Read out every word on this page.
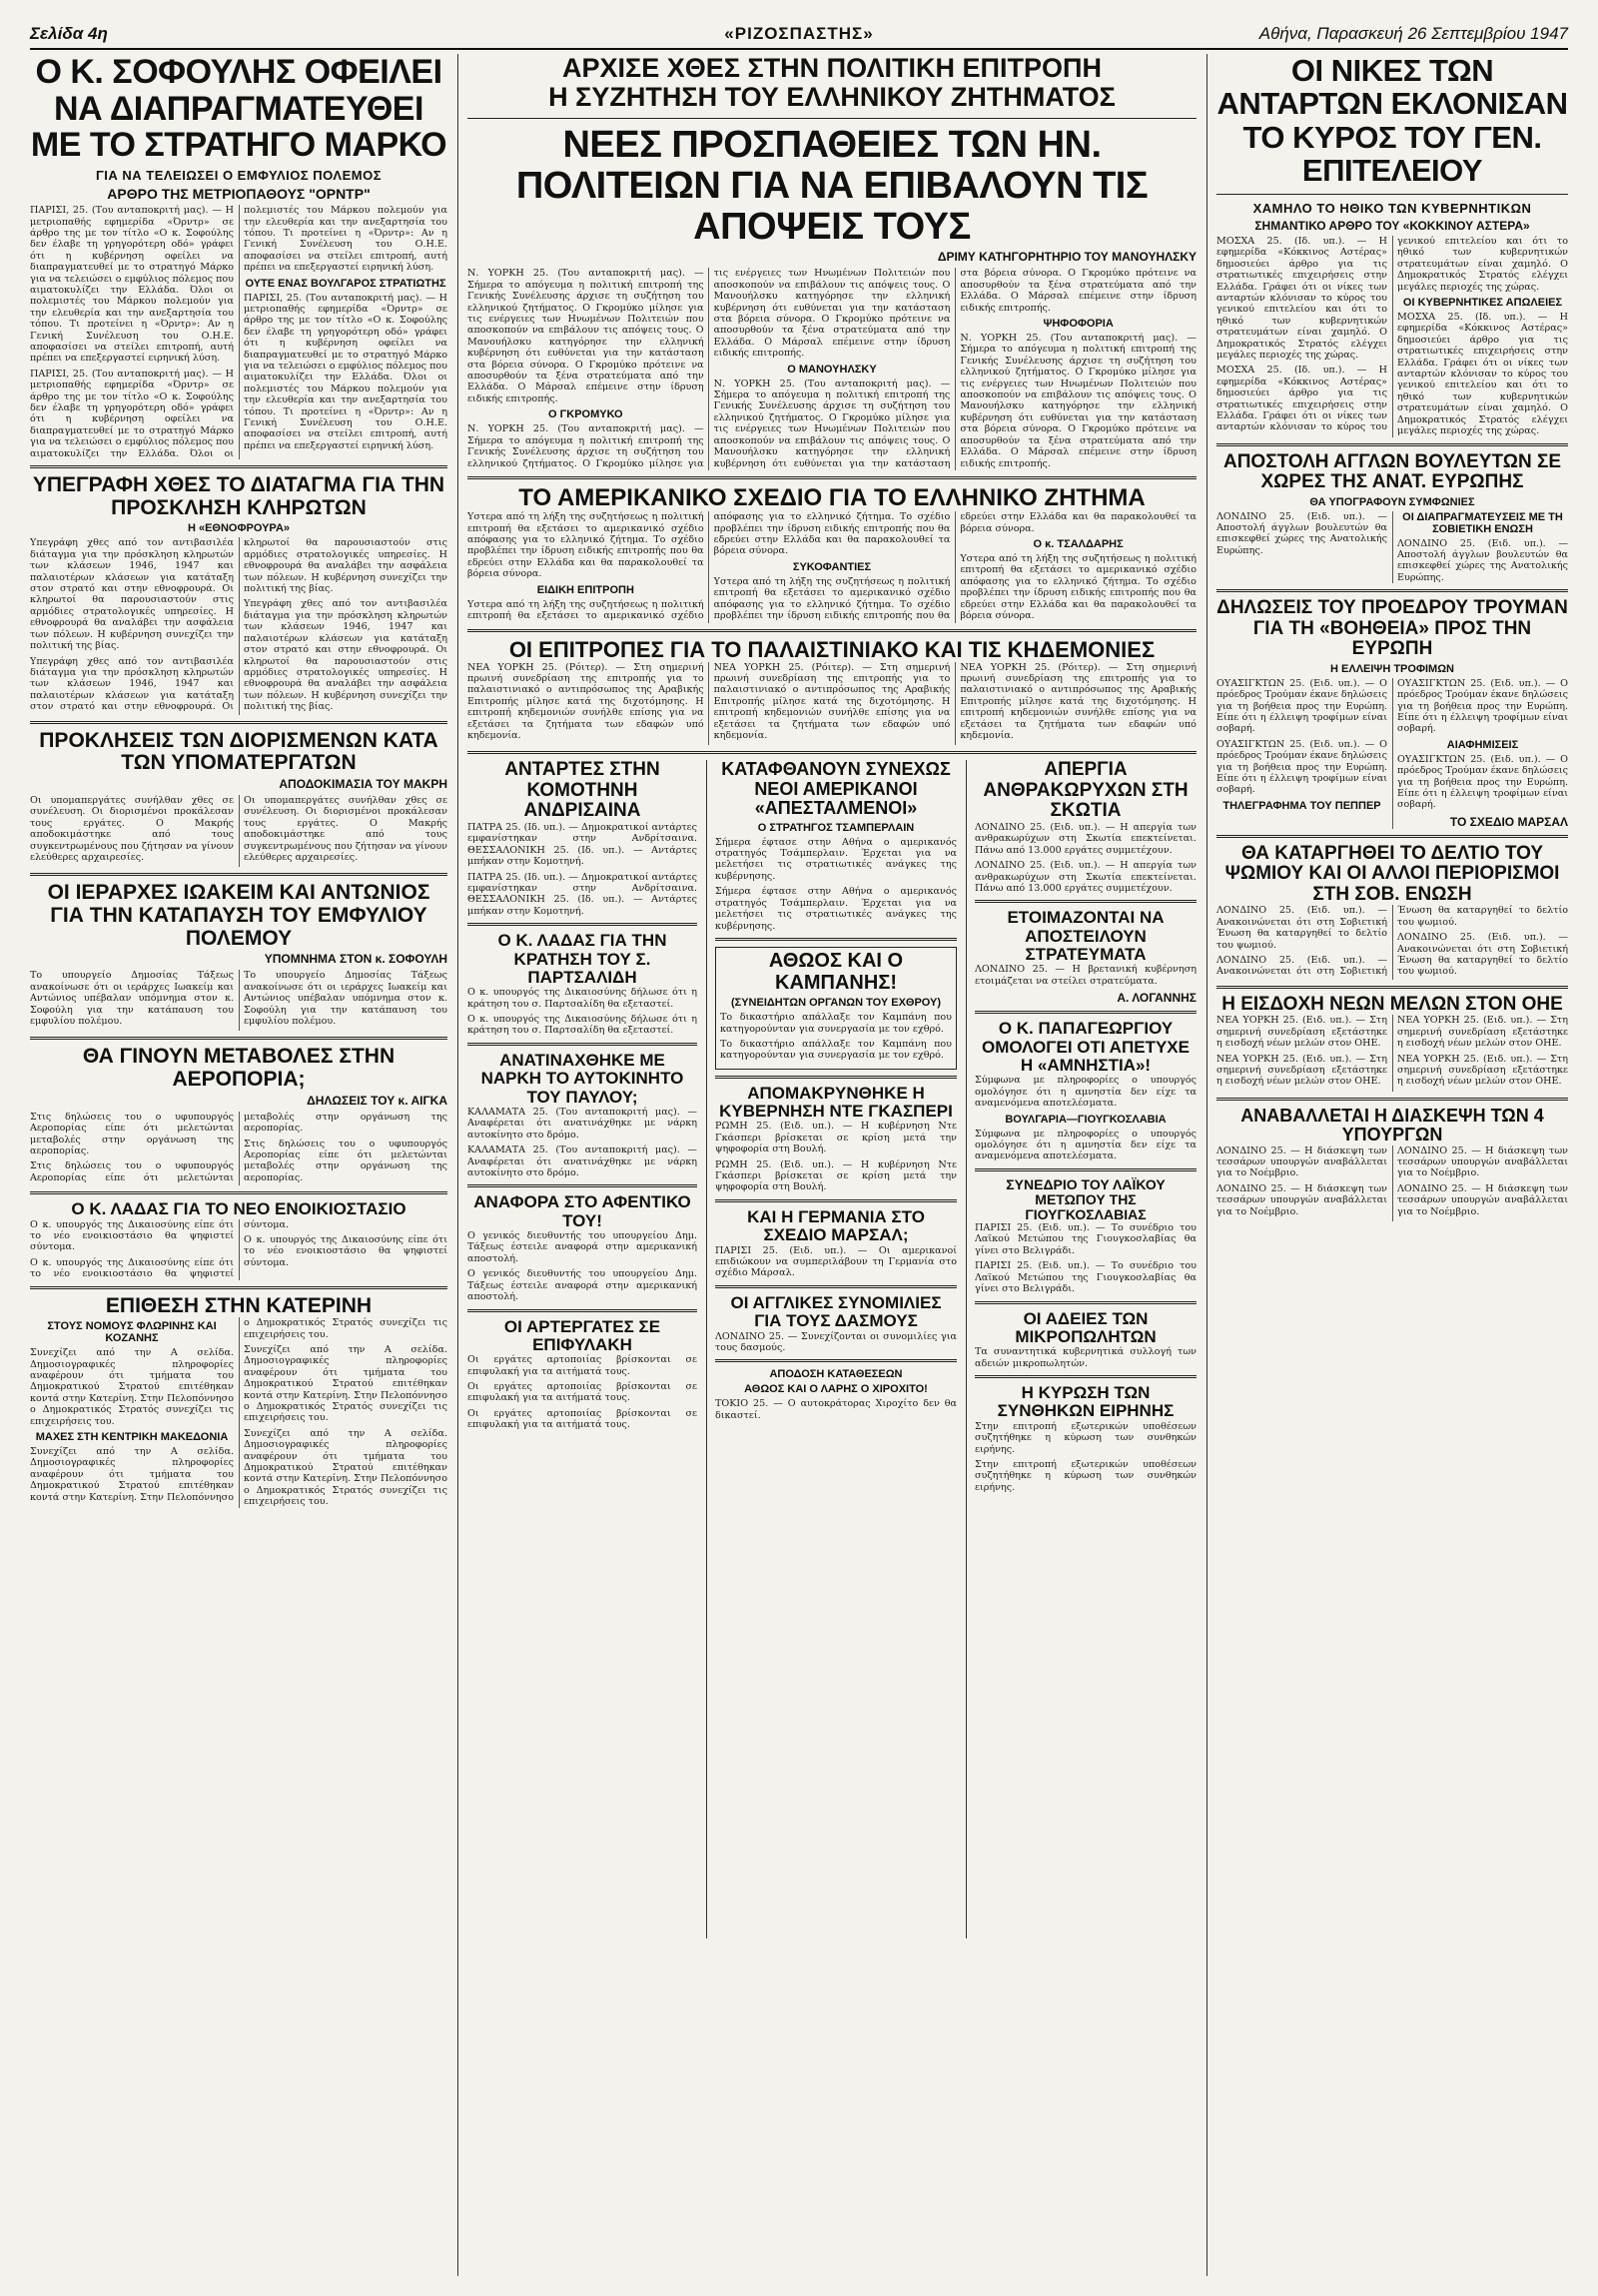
Σελίδα 4η	«ΡΙΖΟΣΠΑΣΤΗΣ»	Αθήνα, Παρασκευή 26 Σεπτεμβρίου 1947
Ο Κ. ΣΟΦΟΥΛΗΣ ΟΦΕΙΛΕΙ ΝΑ ΔΙΑΠΡΑΓΜΑΤΕΥΘΕΙ ΜΕ ΤΟ ΣΤΡΑΤΗΓΟ ΜΑΡΚΟ
ΓΙΑ ΝΑ ΤΕΛΕΙΩΣΕΙ Ο ΕΜΦΥΛΙΟΣ ΠΟΛΕΜΟΣ
ΑΡΘΡΟ ΤΗΣ ΜΕΤΡΙΟΠΑΘΟΥΣ "ΟΡΝΤΡ"

ΠΑΡΙΣΙ, 25. (Του ανταποκριτή μας). — Η μετριοπαθής εφημερίδα «Όρντρ» σε άρθρο της με τον τίτλο «Ο κ. Σοφούλης δεν έλαβε τη γρηγορότερη οδό» γράφει ότι η κυβέρνηση οφείλει να διαπραγματευθεί με το στρατηγό Μάρκο για να τελειώσει ο εμφύλιος πόλεμος που αιματοκυλίζει την Ελλάδα. Όλοι οι πολεμιστές του Μάρκου πολεμούν για την ελευθερία και την ανεξαρτησία του τόπου. Τι προτείνει η «Όρντρ»: Αν η Γενική Συνέλευση του Ο.Η.Ε. αποφασίσει να στείλει επιτροπή, αυτή πρέπει να επεξεργαστεί ειρηνική λύση.

ΠΑΡΙΣΙ, 25. (Του ανταποκριτή μας). — Η μετριοπαθής εφημερίδα «Όρντρ» σε άρθρο της με τον τίτλο «Ο κ. Σοφούλης δεν έλαβε τη γρηγορότερη οδό» γράφει ότι η κυβέρνηση οφείλει να διαπραγματευθεί με το στρατηγό Μάρκο για να τελειώσει ο εμφύλιος πόλεμος που αιματοκυλίζει την Ελλάδα. Όλοι οι πολεμιστές του Μάρκου πολεμούν για την ελευθερία και την ανεξαρτησία του τόπου. Τι προτείνει η «Όρντρ»: Αν η Γενική Συνέλευση του Ο.Η.Ε. αποφασίσει να στείλει επιτροπή, αυτή πρέπει να επεξεργαστεί ειρηνική λύση.

ΟΥΤΕ ΕΝΑΣ ΒΟΥΛΓΑΡΟΣ ΣΤΡΑΤΙΩΤΗΣ

ΠΑΡΙΣΙ, 25. (Του ανταποκριτή μας). — Η μετριοπαθής εφημερίδα «Όρντρ» σε άρθρο της με τον τίτλο «Ο κ. Σοφούλης δεν έλαβε τη γρηγορότερη οδό» γράφει ότι η κυβέρνηση οφείλει να διαπραγματευθεί με το στρατηγό Μάρκο για να τελειώσει ο εμφύλιος πόλεμος που αιματοκυλίζει την Ελλάδα. Όλοι οι πολεμιστές του Μάρκου πολεμούν για την ελευθερία και την ανεξαρτησία του τόπου. Τι προτείνει η «Όρντρ»: Αν η Γενική Συνέλευση του Ο.Η.Ε. αποφασίσει να στείλει επιτροπή, αυτή πρέπει να επεξεργαστεί ειρηνική λύση.

ΥΠΕΓΡΑΦΗ ΧΘΕΣ ΤΟ ΔΙΑΤΑΓΜΑ ΓΙΑ ΤΗΝ ΠΡΟΣΚΛΗΣΗ ΚΛΗΡΩΤΩΝ
Η «ΕΘΝΟΦΡΟΥΡΑ»

Υπεγράφη χθες από τον αντιβασιλέα διάταγμα για την πρόσκληση κληρωτών των κλάσεων 1946, 1947 και παλαιοτέρων κλάσεων για κατάταξη στον στρατό και στην εθνοφρουρά. Οι κληρωτοί θα παρουσιαστούν στις αρμόδιες στρατολογικές υπηρεσίες. Η εθνοφρουρά θα αναλάβει την ασφάλεια των πόλεων. Η κυβέρνηση συνεχίζει την πολιτική της βίας.

Υπεγράφη χθες από τον αντιβασιλέα διάταγμα για την πρόσκληση κληρωτών των κλάσεων 1946, 1947 και παλαιοτέρων κλάσεων για κατάταξη στον στρατό και στην εθνοφρουρά. Οι κληρωτοί θα παρουσιαστούν στις αρμόδιες στρατολογικές υπηρεσίες. Η εθνοφρουρά θα αναλάβει την ασφάλεια των πόλεων. Η κυβέρνηση συνεχίζει την πολιτική της βίας.

Υπεγράφη χθες από τον αντιβασιλέα διάταγμα για την πρόσκληση κληρωτών των κλάσεων 1946, 1947 και παλαιοτέρων κλάσεων για κατάταξη στον στρατό και στην εθνοφρουρά. Οι κληρωτοί θα παρουσιαστούν στις αρμόδιες στρατολογικές υπηρεσίες. Η εθνοφρουρά θα αναλάβει την ασφάλεια των πόλεων. Η κυβέρνηση συνεχίζει την πολιτική της βίας.

ΠΡΟΚΛΗΣΕΙΣ ΤΩΝ ΔΙΟΡΙΣΜΕΝΩΝ ΚΑΤΑ ΤΩΝ ΥΠΟΜΑΤΕΡΓΑΤΩΝ
ΑΠΟΔΟΚΙΜΑΣΙΑ ΤΟΥ ΜΑΚΡΗ

Οι υπομαπεργάτες συνήλθαν χθες σε συνέλευση. Οι διορισμένοι προκάλεσαν τους εργάτες. Ο Μακρής αποδοκιμάστηκε από τους συγκεντρωμένους που ζήτησαν να γίνουν ελεύθερες αρχαιρεσίες.

Οι υπομαπεργάτες συνήλθαν χθες σε συνέλευση. Οι διορισμένοι προκάλεσαν τους εργάτες. Ο Μακρής αποδοκιμάστηκε από τους συγκεντρωμένους που ζήτησαν να γίνουν ελεύθερες αρχαιρεσίες.

ΟΙ ΙΕΡΑΡΧΕΣ ΙΩΑΚΕΙΜ ΚΑΙ ΑΝΤΩΝΙΟΣ ΓΙΑ ΤΗΝ ΚΑΤΑΠΑΥΣΗ ΤΟΥ ΕΜΦΥΛΙΟΥ ΠΟΛΕΜΟΥ
ΥΠΟΜΝΗΜΑ ΣΤΟΝ κ. ΣΟΦΟΥΛΗ

Το υπουργείο Δημοσίας Τάξεως ανακοίνωσε ότι οι ιεράρχες Ιωακείμ και Αντώνιος υπέβαλαν υπόμνημα στον κ. Σοφούλη για την κατάπαυση του εμφυλίου πολέμου.

Το υπουργείο Δημοσίας Τάξεως ανακοίνωσε ότι οι ιεράρχες Ιωακείμ και Αντώνιος υπέβαλαν υπόμνημα στον κ. Σοφούλη για την κατάπαυση του εμφυλίου πολέμου.

ΘΑ ΓΙΝΟΥΝ ΜΕΤΑΒΟΛΕΣ ΣΤΗΝ ΑΕΡΟΠΟΡΙΑ;
ΔΗΛΩΣΕΙΣ ΤΟΥ κ. ΑΙΓΚΑ

Στις δηλώσεις του ο υφυπουργός Αεροπορίας είπε ότι μελετώνται μεταβολές στην οργάνωση της αεροπορίας.

Στις δηλώσεις του ο υφυπουργός Αεροπορίας είπε ότι μελετώνται μεταβολές στην οργάνωση της αεροπορίας.

Στις δηλώσεις του ο υφυπουργός Αεροπορίας είπε ότι μελετώνται μεταβολές στην οργάνωση της αεροπορίας.

Ο Κ. ΛΑΔΑΣ ΓΙΑ ΤΟ ΝΕΟ ΕΝΟΙΚΙΟΣΤΑΣΙΟ

Ο κ. υπουργός της Δικαιοσύνης είπε ότι το νέο ενοικιοστάσιο θα ψηφιστεί σύντομα.

Ο κ. υπουργός της Δικαιοσύνης είπε ότι το νέο ενοικιοστάσιο θα ψηφιστεί σύντομα.

Ο κ. υπουργός της Δικαιοσύνης είπε ότι το νέο ενοικιοστάσιο θα ψηφιστεί σύντομα.

ΕΠΙΘΕΣΗ ΣΤΗΝ ΚΑΤΕΡΙΝΗ
ΣΤΟΥΣ ΝΟΜΟΥΣ ΦΛΩΡΙΝΗΣ ΚΑΙ ΚΟΖΑΝΗΣ

Συνεχίζει από την Α σελίδα. Δημοσιογραφικές πληροφορίες αναφέρουν ότι τμήματα του Δημοκρατικού Στρατού επιτέθηκαν κοντά στην Κατερίνη. Στην Πελοπόννησο ο Δημοκρατικός Στρατός συνεχίζει τις επιχειρήσεις του.

ΜΑΧΕΣ ΣΤΗ ΚΕΝΤΡΙΚΗ ΜΑΚΕΔΟΝΙΑ

Συνεχίζει από την Α σελίδα. Δημοσιογραφικές πληροφορίες αναφέρουν ότι τμήματα του Δημοκρατικού Στρατού επιτέθηκαν κοντά στην Κατερίνη. Στην Πελοπόννησο ο Δημοκρατικός Στρατός συνεχίζει τις επιχειρήσεις του.

Συνεχίζει από την Α σελίδα. Δημοσιογραφικές πληροφορίες αναφέρουν ότι τμήματα του Δημοκρατικού Στρατού επιτέθηκαν κοντά στην Κατερίνη. Στην Πελοπόννησο ο Δημοκρατικός Στρατός συνεχίζει τις επιχειρήσεις του.

Συνεχίζει από την Α σελίδα. Δημοσιογραφικές πληροφορίες αναφέρουν ότι τμήματα του Δημοκρατικού Στρατού επιτέθηκαν κοντά στην Κατερίνη. Στην Πελοπόννησο ο Δημοκρατικός Στρατός συνεχίζει τις επιχειρήσεις του.

ΑΡΧΙΣΕ ΧΘΕΣ ΣΤΗΝ ΠΟΛΙΤΙΚΗ ΕΠΙΤΡΟΠΗ
Η ΣΥΖΗΤΗΣΗ ΤΟΥ ΕΛΛΗΝΙΚΟΥ ΖΗΤΗΜΑΤΟΣ
ΝΕΕΣ ΠΡΟΣΠΑΘΕΙΕΣ ΤΩΝ ΗΝ. ΠΟΛΙΤΕΙΩΝ ΓΙΑ ΝΑ ΕΠΙΒΑΛΟΥΝ ΤΙΣ ΑΠΟΨΕΙΣ ΤΟΥΣ
ΔΡΙΜΥ ΚΑΤΗΓΟΡΗΤΗΡΙΟ ΤΟΥ ΜΑΝΟΥΗΛΣΚΥ

Ν. ΥΟΡΚΗ 25. (Του ανταποκριτή μας). — Σήμερα το απόγευμα η πολιτική επιτροπή της Γενικής Συνέλευσης άρχισε τη συζήτηση του ελληνικού ζητήματος. Ο Γκρομύκο μίλησε για τις ενέργειες των Ηνωμένων Πολιτειών που αποσκοπούν να επιβάλουν τις απόψεις τους. Ο Μανουήλσκυ κατηγόρησε την ελληνική κυβέρνηση ότι ευθύνεται για την κατάσταση στα βόρεια σύνορα. Ο Γκρομύκο πρότεινε να αποσυρθούν τα ξένα στρατεύματα από την Ελλάδα. Ο Μάρσαλ επέμεινε στην ίδρυση ειδικής επιτροπής.

Ο ΓΚΡΟΜΥΚΟ

Ν. ΥΟΡΚΗ 25. (Του ανταποκριτή μας). — Σήμερα το απόγευμα η πολιτική επιτροπή της Γενικής Συνέλευσης άρχισε τη συζήτηση του ελληνικού ζητήματος. Ο Γκρομύκο μίλησε για τις ενέργειες των Ηνωμένων Πολιτειών που αποσκοπούν να επιβάλουν τις απόψεις τους. Ο Μανουήλσκυ κατηγόρησε την ελληνική κυβέρνηση ότι ευθύνεται για την κατάσταση στα βόρεια σύνορα. Ο Γκρομύκο πρότεινε να αποσυρθούν τα ξένα στρατεύματα από την Ελλάδα. Ο Μάρσαλ επέμεινε στην ίδρυση ειδικής επιτροπής.

Ο ΜΑΝΟΥΗΛΣΚΥ

Ν. ΥΟΡΚΗ 25. (Του ανταποκριτή μας). — Σήμερα το απόγευμα η πολιτική επιτροπή της Γενικής Συνέλευσης άρχισε τη συζήτηση του ελληνικού ζητήματος. Ο Γκρομύκο μίλησε για τις ενέργειες των Ηνωμένων Πολιτειών που αποσκοπούν να επιβάλουν τις απόψεις τους. Ο Μανουήλσκυ κατηγόρησε την ελληνική κυβέρνηση ότι ευθύνεται για την κατάσταση στα βόρεια σύνορα. Ο Γκρομύκο πρότεινε να αποσυρθούν τα ξένα στρατεύματα από την Ελλάδα. Ο Μάρσαλ επέμεινε στην ίδρυση ειδικής επιτροπής.

ΨΗΦΟΦΟΡΙΑ

Ν. ΥΟΡΚΗ 25. (Του ανταποκριτή μας). — Σήμερα το απόγευμα η πολιτική επιτροπή της Γενικής Συνέλευσης άρχισε τη συζήτηση του ελληνικού ζητήματος. Ο Γκρομύκο μίλησε για τις ενέργειες των Ηνωμένων Πολιτειών που αποσκοπούν να επιβάλουν τις απόψεις τους. Ο Μανουήλσκυ κατηγόρησε την ελληνική κυβέρνηση ότι ευθύνεται για την κατάσταση στα βόρεια σύνορα. Ο Γκρομύκο πρότεινε να αποσυρθούν τα ξένα στρατεύματα από την Ελλάδα. Ο Μάρσαλ επέμεινε στην ίδρυση ειδικής επιτροπής.

ΤΟ ΑΜΕΡΙΚΑΝΙΚΟ ΣΧΕΔΙΟ ΓΙΑ ΤΟ ΕΛΛΗΝΙΚΟ ΖΗΤΗΜΑ

Υστερα από τη λήξη της συζητήσεως η πολιτική επιτροπή θα εξετάσει το αμερικανικό σχέδιο απόφασης για το ελληνικό ζήτημα. Το σχέδιο προβλέπει την ίδρυση ειδικής επιτροπής που θα εδρεύει στην Ελλάδα και θα παρακολουθεί τα βόρεια σύνορα.

ΕΙΔΙΚΗ ΕΠΙΤΡΟΠΗ

Υστερα από τη λήξη της συζητήσεως η πολιτική επιτροπή θα εξετάσει το αμερικανικό σχέδιο απόφασης για το ελληνικό ζήτημα. Το σχέδιο προβλέπει την ίδρυση ειδικής επιτροπής που θα εδρεύει στην Ελλάδα και θα παρακολουθεί τα βόρεια σύνορα.

ΣΥΚΟΦΑΝΤΙΕΣ

Υστερα από τη λήξη της συζητήσεως η πολιτική επιτροπή θα εξετάσει το αμερικανικό σχέδιο απόφασης για το ελληνικό ζήτημα. Το σχέδιο προβλέπει την ίδρυση ειδικής επιτροπής που θα εδρεύει στην Ελλάδα και θα παρακολουθεί τα βόρεια σύνορα.

Ο κ. ΤΣΑΛΔΑΡΗΣ

Υστερα από τη λήξη της συζητήσεως η πολιτική επιτροπή θα εξετάσει το αμερικανικό σχέδιο απόφασης για το ελληνικό ζήτημα. Το σχέδιο προβλέπει την ίδρυση ειδικής επιτροπής που θα εδρεύει στην Ελλάδα και θα παρακολουθεί τα βόρεια σύνορα.

ΟΙ ΕΠΙΤΡΟΠΕΣ ΓΙΑ ΤΟ ΠΑΛΑΙΣΤΙΝΙΑΚΟ ΚΑΙ ΤΙΣ ΚΗΔΕΜΟΝΙΕΣ

ΝΕΑ ΥΟΡΚΗ 25. (Ρόιτερ). — Στη σημερινή πρωινή συνεδρίαση της επιτροπής για το παλαιστινιακό ο αντιπρόσωπος της Αραβικής Επιτροπής μίλησε κατά της διχοτόμησης. Η επιτροπή κηδεμονιών συνήλθε επίσης για να εξετάσει τα ζητήματα των εδαφών υπό κηδεμονία.

ΝΕΑ ΥΟΡΚΗ 25. (Ρόιτερ). — Στη σημερινή πρωινή συνεδρίαση της επιτροπής για το παλαιστινιακό ο αντιπρόσωπος της Αραβικής Επιτροπής μίλησε κατά της διχοτόμησης. Η επιτροπή κηδεμονιών συνήλθε επίσης για να εξετάσει τα ζητήματα των εδαφών υπό κηδεμονία.

ΝΕΑ ΥΟΡΚΗ 25. (Ρόιτερ). — Στη σημερινή πρωινή συνεδρίαση της επιτροπής για το παλαιστινιακό ο αντιπρόσωπος της Αραβικής Επιτροπής μίλησε κατά της διχοτόμησης. Η επιτροπή κηδεμονιών συνήλθε επίσης για να εξετάσει τα ζητήματα των εδαφών υπό κηδεμονία.

ΑΝΤΑΡΤΕΣ ΣΤΗΝ ΚΟΜΟΤΗΝΗ ΑΝΔΡΙΣΑΙΝΑ

ΠΑΤΡΑ 25. (Ιδ. υπ.). — Δημοκρατικοί αντάρτες εμφανίστηκαν στην Ανδρίτσαινα. ΘΕΣΣΑΛΟΝΙΚΗ 25. (Ιδ. υπ.). — Αντάρτες μπήκαν στην Κομοτηνή.

ΠΑΤΡΑ 25. (Ιδ. υπ.). — Δημοκρατικοί αντάρτες εμφανίστηκαν στην Ανδρίτσαινα. ΘΕΣΣΑΛΟΝΙΚΗ 25. (Ιδ. υπ.). — Αντάρτες μπήκαν στην Κομοτηνή.

Ο Κ. ΛΑΔΑΣ ΓΙΑ ΤΗΝ ΚΡΑΤΗΣΗ ΤΟΥ Σ. ΠΑΡΤΣΑΛΙΔΗ

Ο κ. υπουργός της Δικαιοσύνης δήλωσε ότι η κράτηση του σ. Παρτσαλίδη θα εξεταστεί.

Ο κ. υπουργός της Δικαιοσύνης δήλωσε ότι η κράτηση του σ. Παρτσαλίδη θα εξεταστεί.

ΑΝΑΤΙΝΑΧΘΗΚΕ ΜΕ ΝΑΡΚΗ ΤΟ ΑΥΤΟΚΙΝΗΤΟ ΤΟΥ ΠΑΥΛΟΥ;

ΚΑΛΑΜΑΤΑ 25. (Του ανταποκριτή μας). — Αναφέρεται ότι ανατινάχθηκε με νάρκη αυτοκίνητο στο δρόμο.

ΚΑΛΑΜΑΤΑ 25. (Του ανταποκριτή μας). — Αναφέρεται ότι ανατινάχθηκε με νάρκη αυτοκίνητο στο δρόμο.

ΑΝΑΦΟΡΑ ΣΤΟ ΑΦΕΝΤΙΚΟ ΤΟΥ!

Ο γενικός διευθυντής του υπουργείου Δημ. Τάξεως έστειλε αναφορά στην αμερικανική αποστολή.

Ο γενικός διευθυντής του υπουργείου Δημ. Τάξεως έστειλε αναφορά στην αμερικανική αποστολή.

ΟΙ ΑΡΤΕΡΓΑΤΕΣ ΣΕ ΕΠΙΦΥΛΑΚΗ

Οι εργάτες αρτοποιίας βρίσκονται σε επιφυλακή για τα αιτήματά τους.

Οι εργάτες αρτοποιίας βρίσκονται σε επιφυλακή για τα αιτήματά τους.

Οι εργάτες αρτοποιίας βρίσκονται σε επιφυλακή για τα αιτήματά τους.

ΚΑΤΑΦΘΑΝΟΥΝ ΣΥΝΕΧΩΣ ΝΕΟΙ ΑΜΕΡΙΚΑΝΟΙ «ΑΠΕΣΤΑΛΜΕΝΟΙ»
Ο ΣΤΡΑΤΗΓΟΣ ΤΣΑΜΠΕΡΛΑΙΝ

Σήμερα έφτασε στην Αθήνα ο αμερικανός στρατηγός Τσάμπερλαιν. Έρχεται για να μελετήσει τις στρατιωτικές ανάγκες της κυβέρνησης.

Σήμερα έφτασε στην Αθήνα ο αμερικανός στρατηγός Τσάμπερλαιν. Έρχεται για να μελετήσει τις στρατιωτικές ανάγκες της κυβέρνησης.

ΑΘΩΟΣ ΚΑΙ Ο ΚΑΜΠΑΝΗΣ!
(ΣΥΝΕΙΔΗΤΩΝ ΟΡΓΑΝΩΝ ΤΟΥ ΕΧΘΡΟΥ)

Το δικαστήριο απάλλαξε τον Καμπάνη που κατηγορούνταν για συνεργασία με τον εχθρό.

Το δικαστήριο απάλλαξε τον Καμπάνη που κατηγορούνταν για συνεργασία με τον εχθρό.

ΑΠΟΜΑΚΡΥΝΘΗΚΕ Η ΚΥΒΕΡΝΗΣΗ ΝΤΕ ΓΚΑΣΠΕΡΙ

ΡΩΜΗ 25. (Ειδ. υπ.). — Η κυβέρνηση Ντε Γκάσπερι βρίσκεται σε κρίση μετά την ψηφοφορία στη Βουλή.

ΡΩΜΗ 25. (Ειδ. υπ.). — Η κυβέρνηση Ντε Γκάσπερι βρίσκεται σε κρίση μετά την ψηφοφορία στη Βουλή.

ΚΑΙ Η ΓΕΡΜΑΝΙΑ ΣΤΟ ΣΧΕΔΙΟ ΜΑΡΣΑΛ;

ΠΑΡΙΣΙ 25. (Ειδ. υπ.). — Οι αμερικανοί επιδιώκουν να συμπεριλάβουν τη Γερμανία στο σχέδιο Μάρσαλ.

ΟΙ ΑΓΓΛΙΚΕΣ ΣΥΝΟΜΙΛΙΕΣ ΓΙΑ ΤΟΥΣ ΔΑΣΜΟΥΣ

ΛΟΝΔΙΝΟ 25. — Συνεχίζονται οι συνομιλίες για τους δασμούς.

ΑΠΟΔΟΣΗ ΚΑΤΑΘΕΣΕΩΝ
ΑΘΩΟΣ ΚΑΙ Ο ΛΑΡΗΣ Ο ΧΙΡΟΧΙΤΟ!

ΤΟΚΙΟ 25. — Ο αυτοκράτορας Χιροχίτο δεν θα δικαστεί.

ΑΠΕΡΓΙΑ ΑΝΘΡΑΚΩΡΥΧΩΝ ΣΤΗ ΣΚΩΤΙΑ

ΛΟΝΔΙΝΟ 25. (Ειδ. υπ.). — Η απεργία των ανθρακωρύχων στη Σκωτία επεκτείνεται. Πάνω από 13.000 εργάτες συμμετέχουν.

ΛΟΝΔΙΝΟ 25. (Ειδ. υπ.). — Η απεργία των ανθρακωρύχων στη Σκωτία επεκτείνεται. Πάνω από 13.000 εργάτες συμμετέχουν.

ΕΤΟΙΜΑΖΟΝΤΑΙ ΝΑ ΑΠΟΣΤΕΙΛΟΥΝ ΣΤΡΑΤΕΥΜΑΤΑ

ΛΟΝΔΙΝΟ 25. — Η βρετανική κυβέρνηση ετοιμάζεται να στείλει στρατεύματα.

Α. ΛΟΓΑΝΝΗΣ
Ο Κ. ΠΑΠΑΓΕΩΡΓΙΟΥ ΟΜΟΛΟΓΕΙ ΟΤΙ ΑΠΕΤΥΧΕ Η «ΑΜΝΗΣΤΙΑ»!

Σύμφωνα με πληροφορίες ο υπουργός ομολόγησε ότι η αμνηστία δεν είχε τα αναμενόμενα αποτελέσματα.

ΒΟΥΛΓΑΡΙΑ—ΓΙΟΥΓΚΟΣΛΑΒΙΑ

Σύμφωνα με πληροφορίες ο υπουργός ομολόγησε ότι η αμνηστία δεν είχε τα αναμενόμενα αποτελέσματα.

ΣΥΝΕΔΡΙΟ ΤΟΥ ΛΑΪΚΟΥ ΜΕΤΩΠΟΥ ΤΗΣ ΓΙΟΥΓΚΟΣΛΑΒΙΑΣ

ΠΑΡΙΣΙ 25. (Ειδ. υπ.). — Το συνέδριο του Λαϊκού Μετώπου της Γιουγκοσλαβίας θα γίνει στο Βελιγράδι.

ΠΑΡΙΣΙ 25. (Ειδ. υπ.). — Το συνέδριο του Λαϊκού Μετώπου της Γιουγκοσλαβίας θα γίνει στο Βελιγράδι.

ΟΙ ΑΔΕΙΕΣ ΤΩΝ ΜΙΚΡΟΠΩΛΗΤΩΝ

Τα συναντητικά κυβερνητικά συλλογή των αδειών μικροπωλητών.

Η ΚΥΡΩΣΗ ΤΩΝ ΣΥΝΘΗΚΩΝ ΕΙΡΗΝΗΣ

Στην επιτροπή εξωτερικών υποθέσεων συζητήθηκε η κύρωση των συνθηκών ειρήνης.

Στην επιτροπή εξωτερικών υποθέσεων συζητήθηκε η κύρωση των συνθηκών ειρήνης.

ΟΙ ΝΙΚΕΣ ΤΩΝ ΑΝΤΑΡΤΩΝ ΕΚΛΟΝΙΣΑΝ ΤΟ ΚΥΡΟΣ ΤΟΥ ΓΕΝ. ΕΠΙΤΕΛΕΙΟΥ
ΧΑΜΗΛΟ ΤΟ ΗΘΙΚΟ ΤΩΝ ΚΥΒΕΡΝΗΤΙΚΩΝ
ΣΗΜΑΝΤΙΚΟ ΑΡΘΡΟ ΤΟΥ «ΚΟΚΚΙΝΟΥ ΑΣΤΕΡΑ»

ΜΟΣΧΑ 25. (Ιδ. υπ.). — Η εφημερίδα «Κόκκινος Αστέρας» δημοσιεύει άρθρο για τις στρατιωτικές επιχειρήσεις στην Ελλάδα. Γράφει ότι οι νίκες των ανταρτών κλόνισαν το κύρος του γενικού επιτελείου και ότι το ηθικό των κυβερνητικών στρατευμάτων είναι χαμηλό. Ο Δημοκρατικός Στρατός ελέγχει μεγάλες περιοχές της χώρας.

ΜΟΣΧΑ 25. (Ιδ. υπ.). — Η εφημερίδα «Κόκκινος Αστέρας» δημοσιεύει άρθρο για τις στρατιωτικές επιχειρήσεις στην Ελλάδα. Γράφει ότι οι νίκες των ανταρτών κλόνισαν το κύρος του γενικού επιτελείου και ότι το ηθικό των κυβερνητικών στρατευμάτων είναι χαμηλό. Ο Δημοκρατικός Στρατός ελέγχει μεγάλες περιοχές της χώρας.

ΟΙ ΚΥΒΕΡΝΗΤΙΚΕΣ ΑΠΩΛΕΙΕΣ

ΜΟΣΧΑ 25. (Ιδ. υπ.). — Η εφημερίδα «Κόκκινος Αστέρας» δημοσιεύει άρθρο για τις στρατιωτικές επιχειρήσεις στην Ελλάδα. Γράφει ότι οι νίκες των ανταρτών κλόνισαν το κύρος του γενικού επιτελείου και ότι το ηθικό των κυβερνητικών στρατευμάτων είναι χαμηλό. Ο Δημοκρατικός Στρατός ελέγχει μεγάλες περιοχές της χώρας.

ΑΠΟΣΤΟΛΗ ΑΓΓΛΩΝ ΒΟΥΛΕΥΤΩΝ ΣΕ ΧΩΡΕΣ ΤΗΣ ΑΝΑΤ. ΕΥΡΩΠΗΣ
ΘΑ ΥΠΟΓΡΑΦΟΥΝ ΣΥΜΦΩΝΙΕΣ

ΛΟΝΔΙΝΟ 25. (Ειδ. υπ.). — Αποστολή άγγλων βουλευτών θα επισκεφθεί χώρες της Ανατολικής Ευρώπης.

ΟΙ ΔΙΑΠΡΑΓΜΑΤΕΥΣΕΙΣ ΜΕ ΤΗ ΣΟΒΙΕΤΙΚΗ ΕΝΩΣΗ

ΛΟΝΔΙΝΟ 25. (Ειδ. υπ.). — Αποστολή άγγλων βουλευτών θα επισκεφθεί χώρες της Ανατολικής Ευρώπης.

ΔΗΛΩΣΕΙΣ ΤΟΥ ΠΡΟΕΔΡΟΥ ΤΡΟΥΜΑΝ ΓΙΑ ΤΗ «ΒΟΗΘΕΙΑ» ΠΡΟΣ ΤΗΝ ΕΥΡΩΠΗ
Η ΕΛΛΕΙΨΗ ΤΡΟΦΙΜΩΝ

ΟΥΑΣΙΓΚΤΩΝ 25. (Ειδ. υπ.). — Ο πρόεδρος Τρούμαν έκανε δηλώσεις για τη βοήθεια προς την Ευρώπη. Είπε ότι η έλλειψη τροφίμων είναι σοβαρή.

ΟΥΑΣΙΓΚΤΩΝ 25. (Ειδ. υπ.). — Ο πρόεδρος Τρούμαν έκανε δηλώσεις για τη βοήθεια προς την Ευρώπη. Είπε ότι η έλλειψη τροφίμων είναι σοβαρή.

ΤΗΛΕΓΡΑΦΗΜΑ ΤΟΥ ΠΕΠΠΕΡ

ΟΥΑΣΙΓΚΤΩΝ 25. (Ειδ. υπ.). — Ο πρόεδρος Τρούμαν έκανε δηλώσεις για τη βοήθεια προς την Ευρώπη. Είπε ότι η έλλειψη τροφίμων είναι σοβαρή.

ΑΙΑΦΗΜΙΣΕΙΣ

ΟΥΑΣΙΓΚΤΩΝ 25. (Ειδ. υπ.). — Ο πρόεδρος Τρούμαν έκανε δηλώσεις για τη βοήθεια προς την Ευρώπη. Είπε ότι η έλλειψη τροφίμων είναι σοβαρή.

ΤΟ ΣΧΕΔΙΟ ΜΑΡΣΑΛ
ΘΑ ΚΑΤΑΡΓΗΘΕΙ ΤΟ ΔΕΛΤΙΟ ΤΟΥ ΨΩΜΙΟΥ ΚΑΙ ΟΙ ΑΛΛΟΙ ΠΕΡΙΟΡΙΣΜΟΙ ΣΤΗ ΣΟΒ. ΕΝΩΣΗ

ΛΟΝΔΙΝΟ 25. (Ειδ. υπ.). — Ανακοινώνεται ότι στη Σοβιετική Ένωση θα καταργηθεί το δελτίο του ψωμιού.

ΛΟΝΔΙΝΟ 25. (Ειδ. υπ.). — Ανακοινώνεται ότι στη Σοβιετική Ένωση θα καταργηθεί το δελτίο του ψωμιού.

ΛΟΝΔΙΝΟ 25. (Ειδ. υπ.). — Ανακοινώνεται ότι στη Σοβιετική Ένωση θα καταργηθεί το δελτίο του ψωμιού.

Η ΕΙΣΔΟΧΗ ΝΕΩΝ ΜΕΛΩΝ ΣΤΟΝ ΟΗΕ

ΝΕΑ ΥΟΡΚΗ 25. (Ειδ. υπ.). — Στη σημερινή συνεδρίαση εξετάστηκε η εισδοχή νέων μελών στον ΟΗΕ.

ΝΕΑ ΥΟΡΚΗ 25. (Ειδ. υπ.). — Στη σημερινή συνεδρίαση εξετάστηκε η εισδοχή νέων μελών στον ΟΗΕ.

ΝΕΑ ΥΟΡΚΗ 25. (Ειδ. υπ.). — Στη σημερινή συνεδρίαση εξετάστηκε η εισδοχή νέων μελών στον ΟΗΕ.

ΝΕΑ ΥΟΡΚΗ 25. (Ειδ. υπ.). — Στη σημερινή συνεδρίαση εξετάστηκε η εισδοχή νέων μελών στον ΟΗΕ.

ΑΝΑΒΑΛΛΕΤΑΙ Η ΔΙΑΣΚΕΨΗ ΤΩΝ 4 ΥΠΟΥΡΓΩΝ

ΛΟΝΔΙΝΟ 25. — Η διάσκεψη των τεσσάρων υπουργών αναβάλλεται για το Νοέμβριο.

ΛΟΝΔΙΝΟ 25. — Η διάσκεψη των τεσσάρων υπουργών αναβάλλεται για το Νοέμβριο.

ΛΟΝΔΙΝΟ 25. — Η διάσκεψη των τεσσάρων υπουργών αναβάλλεται για το Νοέμβριο.

ΛΟΝΔΙΝΟ 25. — Η διάσκεψη των τεσσάρων υπουργών αναβάλλεται για το Νοέμβριο.
